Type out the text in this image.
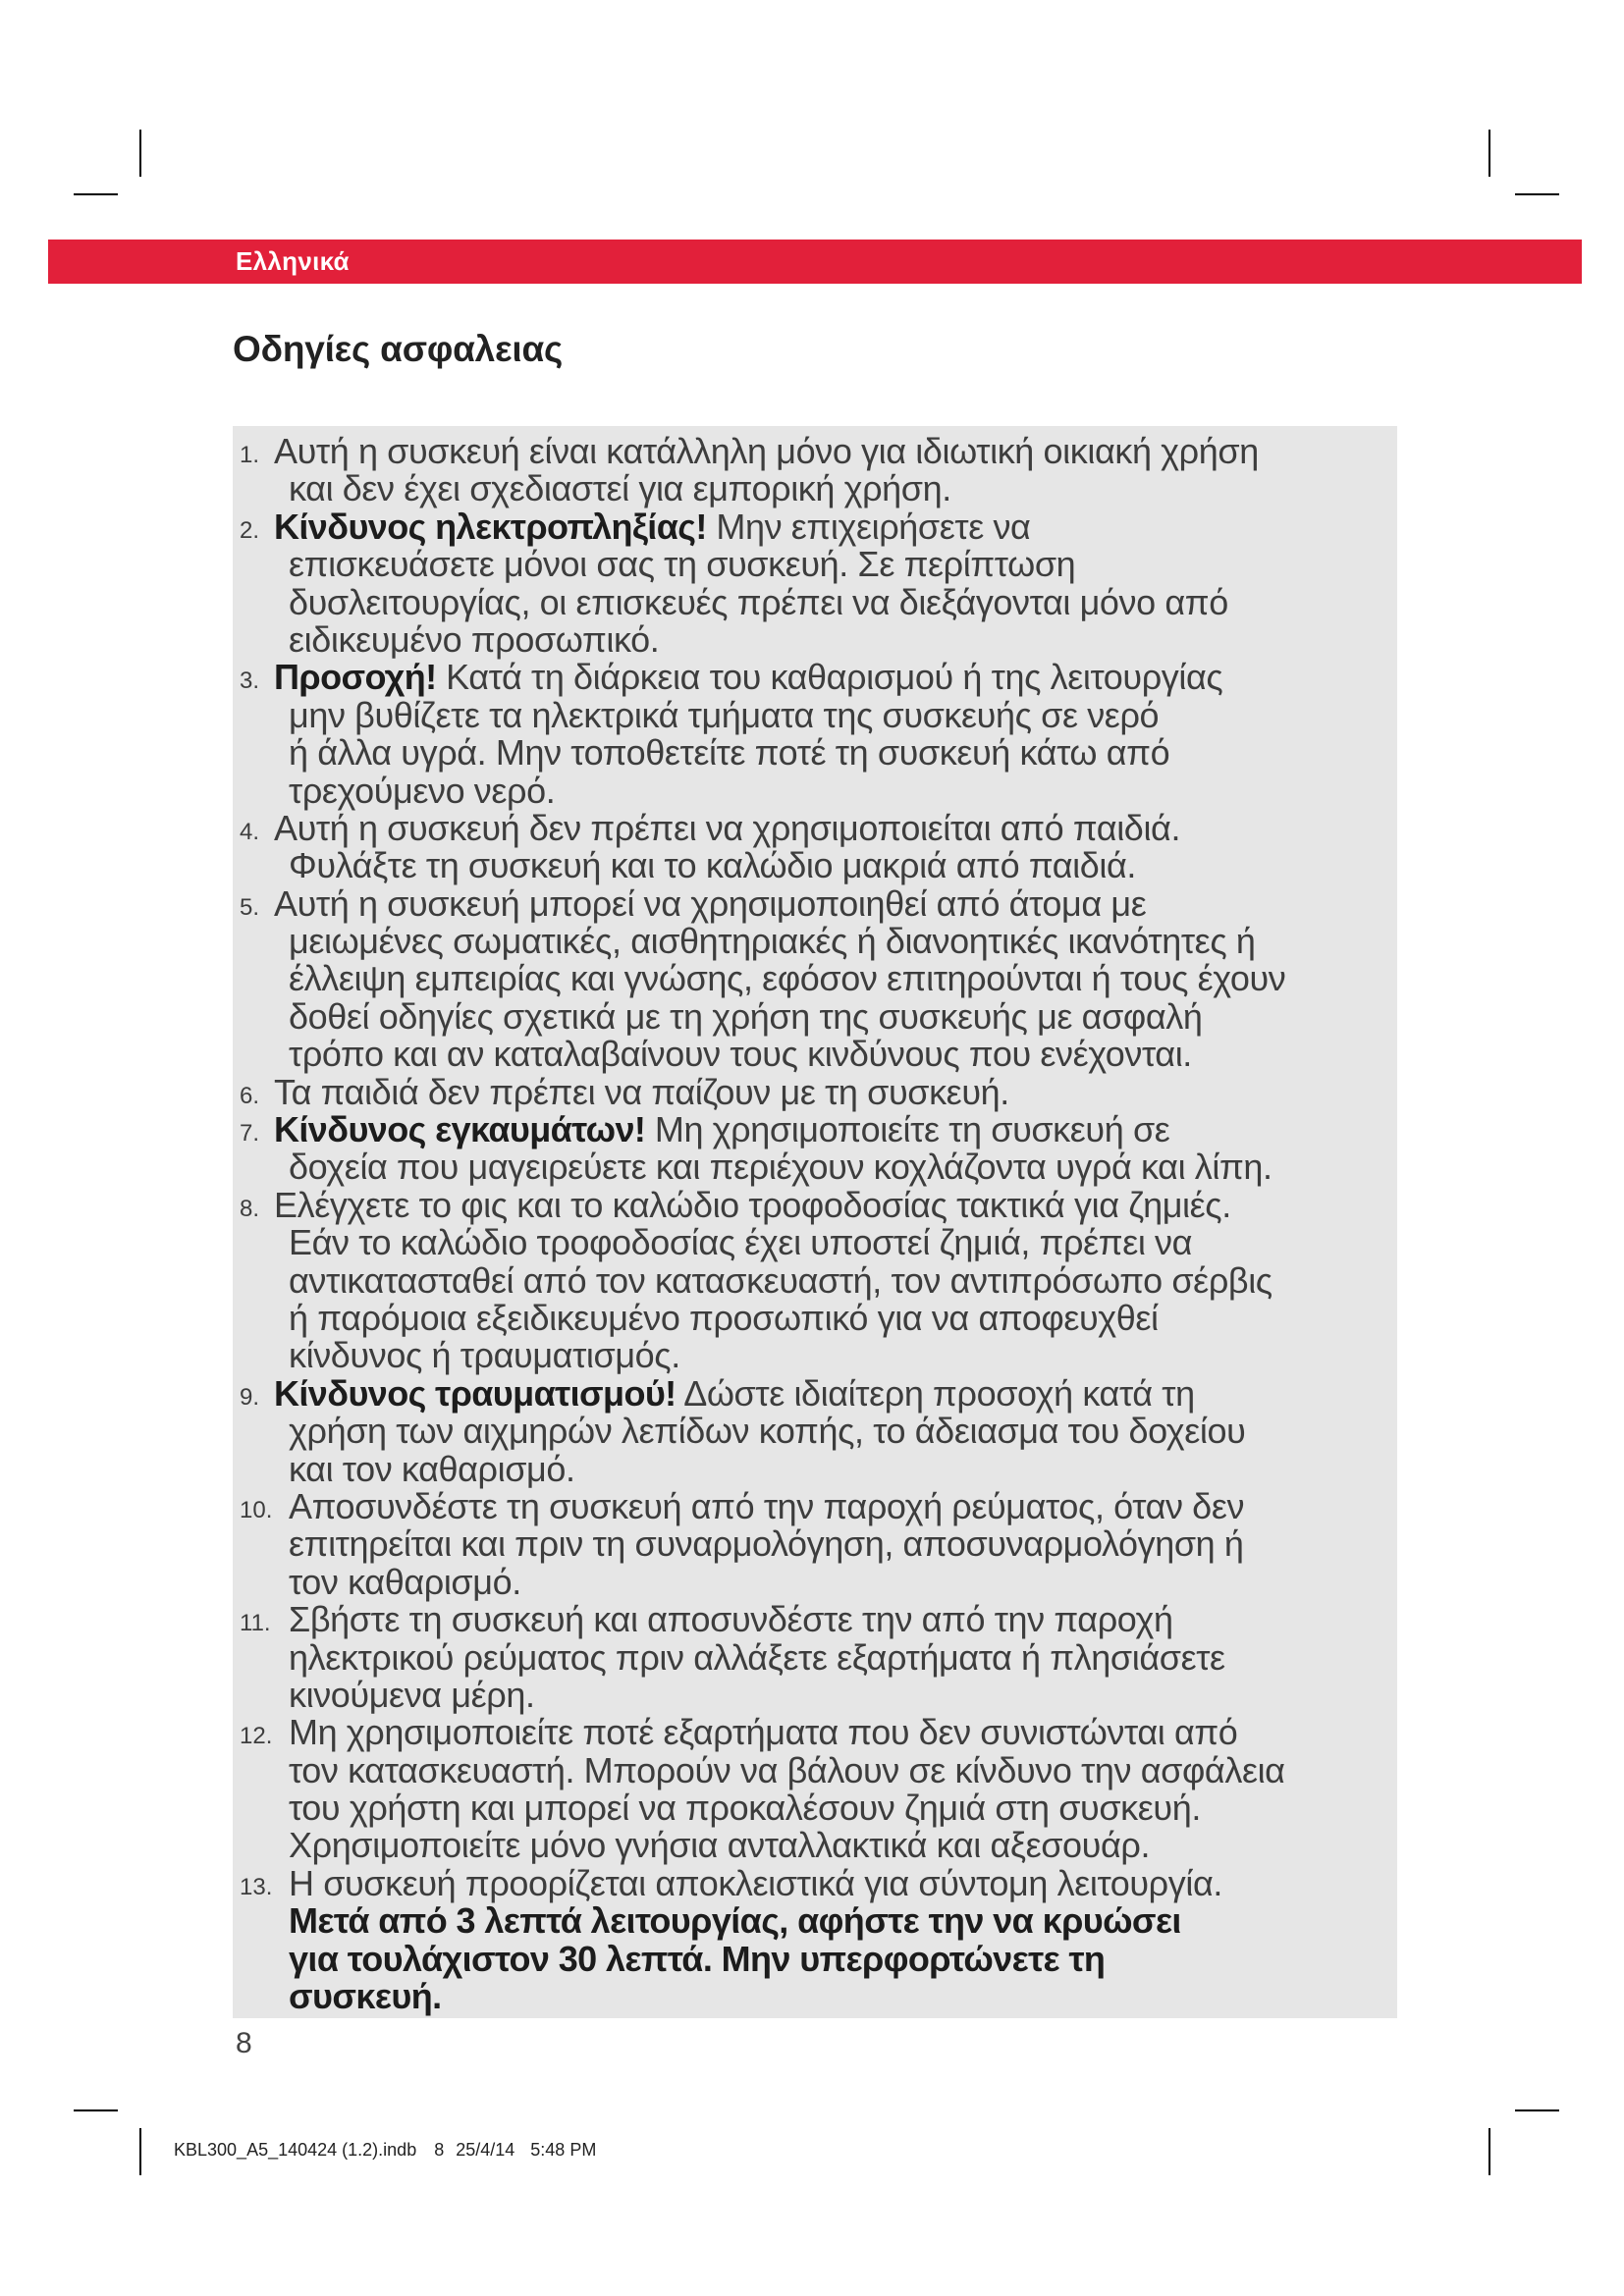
Ελληνικά
Οδηγίες ασφαλειας
1. Αυτή η συσκευή είναι κατάλληλη μόνο για ιδιωτική οικιακή χρήση
και δεν έχει σχεδιαστεί για εμπορική χρήση.
2. Κίνδυνος ηλεκτροπληξίας! Μην επιχειρήσετε να
επισκευάσετε μόνοι σας τη συσκευή. Σε περίπτωση
δυσλειτουργίας, οι επισκευές πρέπει να διεξάγονται μόνο από
ειδικευμένο προσωπικό.
3. Προσοχή! Κατά τη διάρκεια του καθαρισμού ή της λειτουργίας
μην βυθίζετε τα ηλεκτρικά τμήματα της συσκευής σε νερό
ή άλλα υγρά. Μην τοποθετείτε ποτέ τη συσκευή κάτω από
τρεχούμενο νερό.
4. Αυτή η συσκευή δεν πρέπει να χρησιμοποιείται από παιδιά.
Φυλάξτε τη συσκευή και το καλώδιο μακριά από παιδιά.
5. Αυτή η συσκευή μπορεί να χρησιμοποιηθεί από άτομα με
μειωμένες σωματικές, αισθητηριακές ή διανοητικές ικανότητες ή
έλλειψη εμπειρίας και γνώσης, εφόσον επιτηρούνται ή τους έχουν
δοθεί οδηγίες σχετικά με τη χρήση της συσκευής με ασφαλή
τρόπο και αν καταλαβαίνουν τους κινδύνους που ενέχονται.
6. Τα παιδιά δεν πρέπει να παίζουν με τη συσκευή.
7. Κίνδυνος εγκαυμάτων! Μη χρησιμοποιείτε τη συσκευή σε
δοχεία που μαγειρεύετε και περιέχουν κοχλάζοντα υγρά και λίπη.
8. Ελέγχετε το φις και το καλώδιο τροφοδοσίας τακτικά για ζημιές.
Εάν το καλώδιο τροφοδοσίας έχει υποστεί ζημιά, πρέπει να
αντικατασταθεί από τον κατασκευαστή, τον αντιπρόσωπο σέρβις
ή παρόμοια εξειδικευμένο προσωπικό για να αποφευχθεί
κίνδυνος ή τραυματισμός.
9. Κίνδυνος τραυματισμού! Δώστε ιδιαίτερη προσοχή κατά τη
χρήση των αιχμηρών λεπίδων κοπής, το άδειασμα του δοχείου
και τον καθαρισμό.
10. Αποσυνδέστε τη συσκευή από την παροχή ρεύματος, όταν δεν
επιτηρείται και πριν τη συναρμολόγηση, αποσυναρμολόγηση ή
τον καθαρισμό.
11. Σβήστε τη συσκευή και αποσυνδέστε την από την παροχή
ηλεκτρικού ρεύματος πριν αλλάξετε εξαρτήματα ή πλησιάσετε
κινούμενα μέρη.
12. Μη χρησιμοποιείτε ποτέ εξαρτήματα που δεν συνιστώνται από
τον κατασκευαστή. Μπορούν να βάλουν σε κίνδυνο την ασφάλεια
του χρήστη και μπορεί να προκαλέσουν ζημιά στη συσκευή.
Χρησιμοποιείτε μόνο γνήσια ανταλλακτικά και αξεσουάρ.
13. Η συσκευή προορίζεται αποκλειστικά για σύντομη λειτουργία.
Μετά από 3 λεπτά λειτουργίας, αφήστε την να κρυώσει
για τουλάχιστον 30 λεπτά. Μην υπερφορτώνετε τη
συσκευή.
8
KBL300_A5_140424 (1.2).indb 8 25/4/14 5:48 PM
